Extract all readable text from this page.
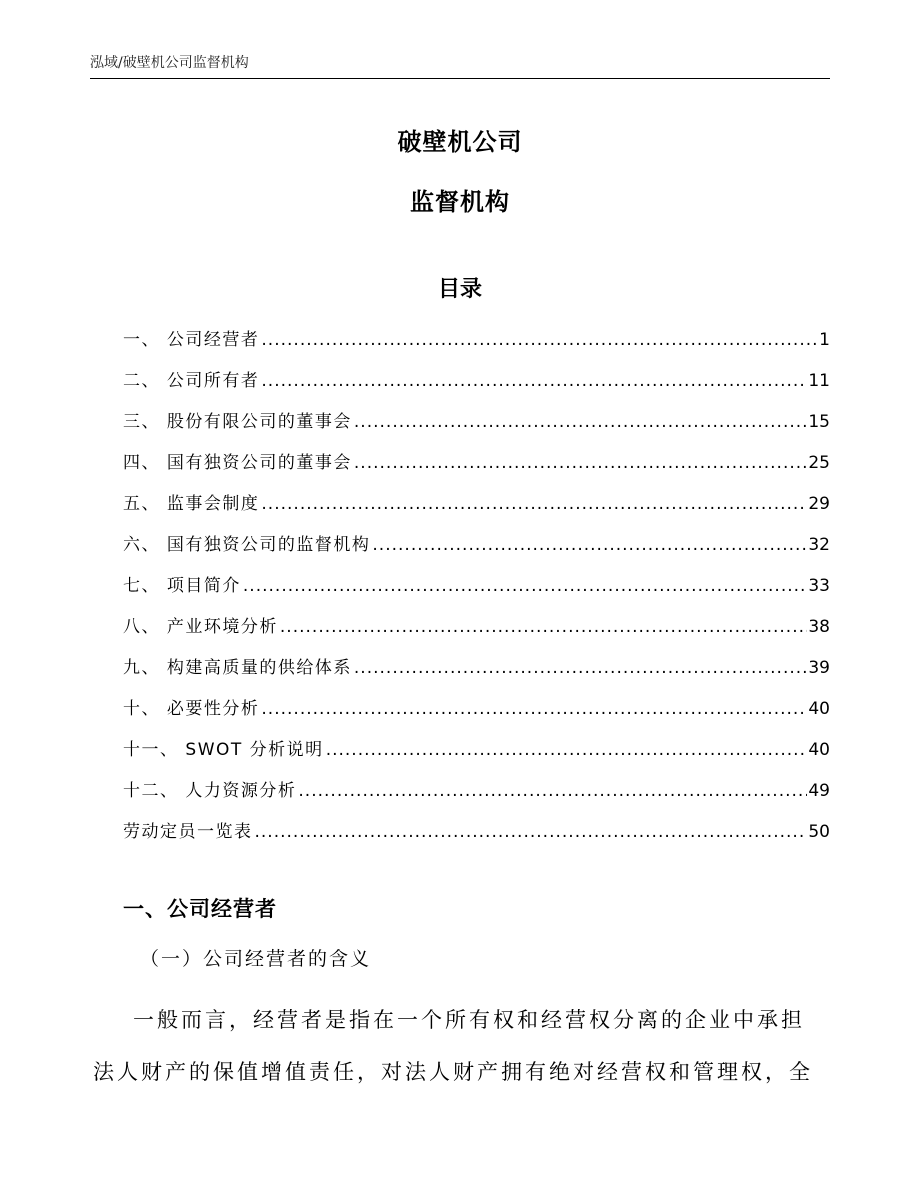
泓域/破壁机公司监督机构
破壁机公司
监督机构
目录
一、 公司经营者 .....	1
二、 公司所有者 .....	11
三、 股份有限公司的董事会 .....	15
四、 国有独资公司的董事会 .....	25
五、 监事会制度 .....	29
六、 国有独资公司的监督机构 .....	32
七、 项目简介 .....	33
八、 产业环境分析 .....	38
九、 构建高质量的供给体系 .....	39
十、 必要性分析 .....	40
十一、 SWOT 分析说明 .....	40
十二、 人力资源分析 .....	49
劳动定员一览表 .....	50
一、公司经营者
（一）公司经营者的含义
一般而言，经营者是指在一个所有权和经营权分离的企业中承担
法人财产的保值增值责任，对法人财产拥有绝对经营权和管理权，全
